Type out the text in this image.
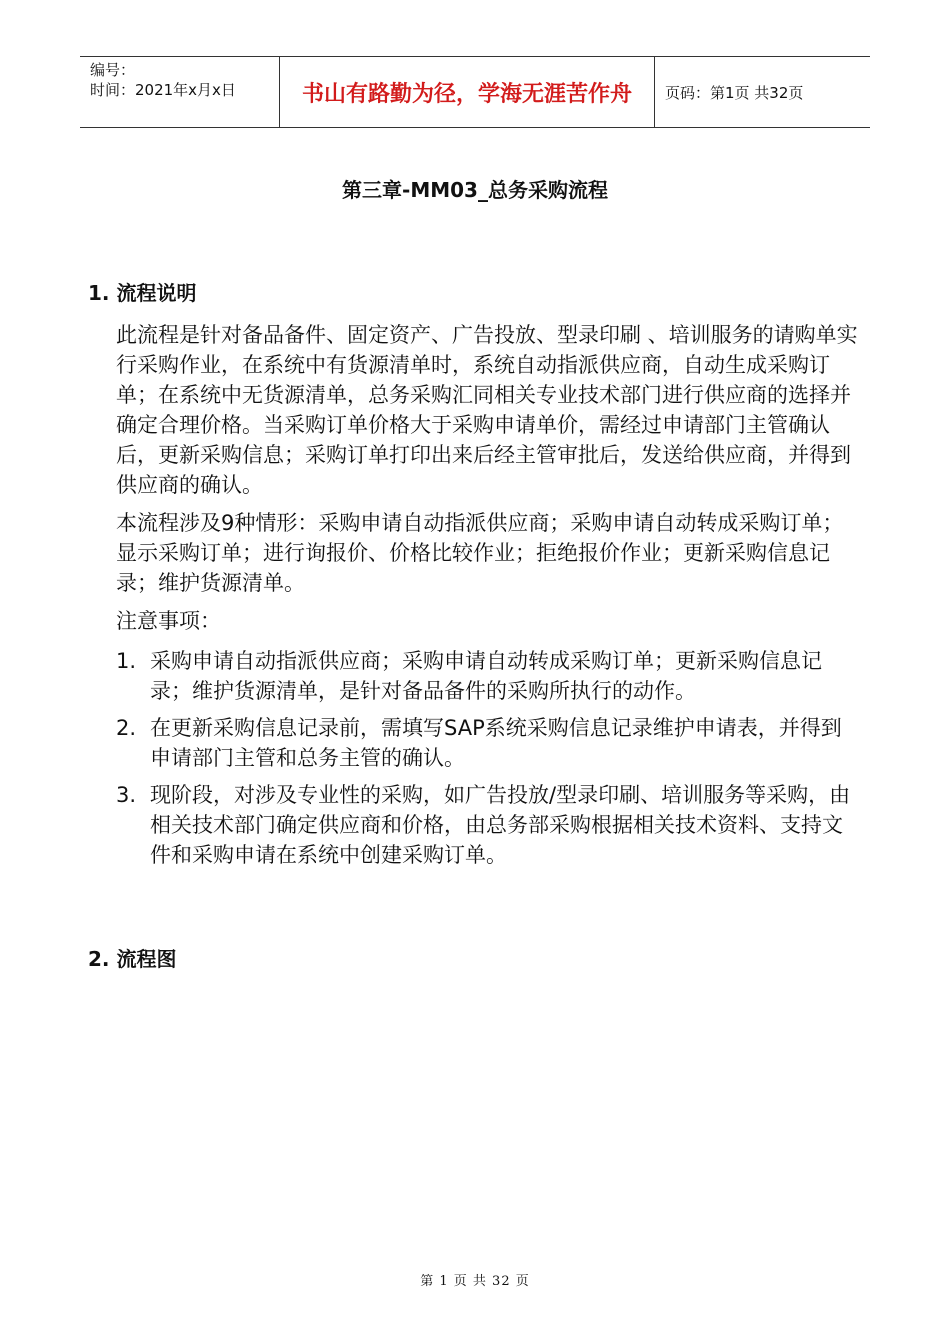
编号：
时间：2021年x月x日	书山有路勤为径，学海无涯苦作舟	页码：第1页 共32页
第三章-MM03_总务采购流程
1. 流程说明

此流程是针对备品备件、固定资产、广告投放、型录印刷 、培训服务的请购单实行采购作业，在系统中有货源清单时，系统自动指派供应商，自动生成采购订单；在系统中无货源清单，总务采购汇同相关专业技术部门进行供应商的选择并确定合理价格。当采购订单价格大于采购申请单价，需经过申请部门主管确认后，更新采购信息；采购订单打印出来后经主管审批后，发送给供应商，并得到供应商的确认。

本流程涉及9种情形：采购申请自动指派供应商；采购申请自动转成采购订单；显示采购订单；进行询报价、价格比较作业；拒绝报价作业；更新采购信息记录；维护货源清单。

注意事项：

1. 采购申请自动指派供应商；采购申请自动转成采购订单；更新采购信息记录；维护货源清单，是针对备品备件的采购所执行的动作。
2. 在更新采购信息记录前，需填写SAP系统采购信息记录维护申请表，并得到申请部门主管和总务主管的确认。
3. 现阶段，对涉及专业性的采购，如广告投放/型录印刷、培训服务等采购，由相关技术部门确定供应商和价格，由总务部采购根据相关技术资料、支持文件和采购申请在系统中创建采购订单。
2. 流程图
第 1 页 共 32 页
